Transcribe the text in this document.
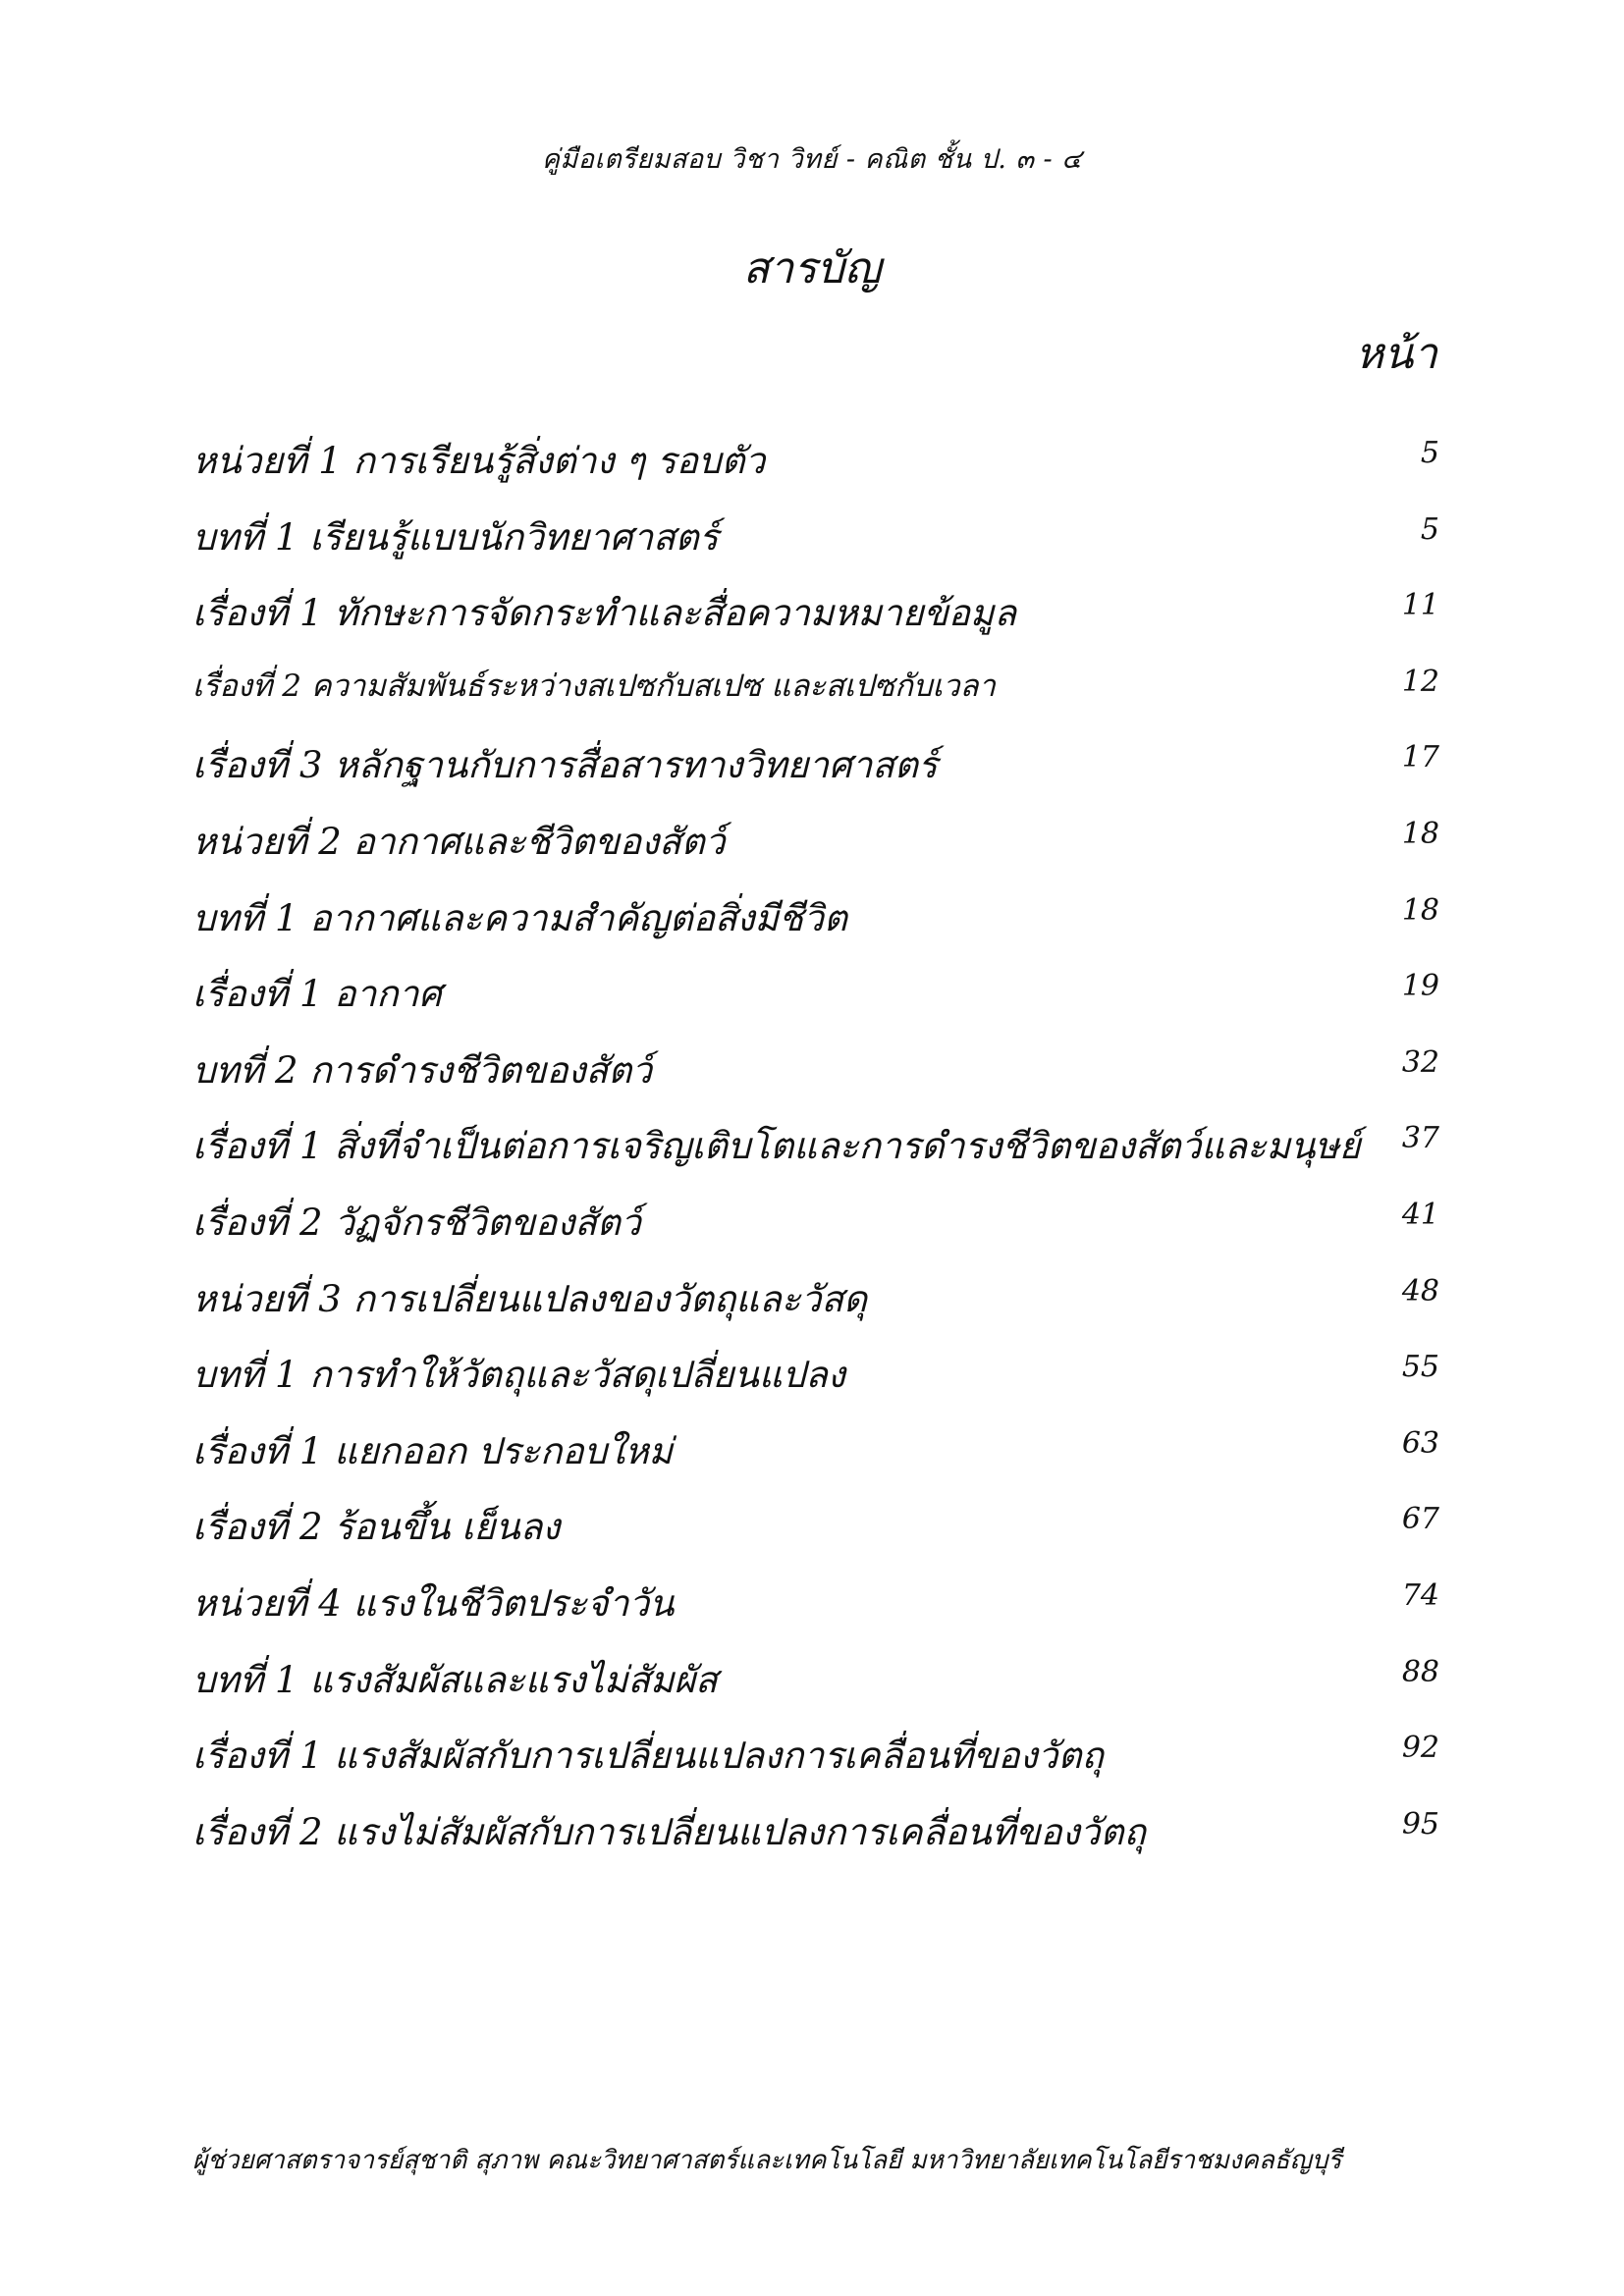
คู่มือเตรียมสอบ วิชา วิทย์ - คณิต ชั้น ป. ๓ - ๔
สารบัญ
หน้า
หน่วยที่ 1 การเรียนรู้สิ่งต่าง ๆ รอบตัว	5
บทที่ 1 เรียนรู้แบบนักวิทยาศาสตร์	5
เรื่องที่ 1 ทักษะการจัดกระทำและสื่อความหมายข้อมูล	11
เรื่องที่ 2 ความสัมพันธ์ระหว่างสเปซกับสเปซ และสเปซกับเวลา	12
เรื่องที่ 3 หลักฐานกับการสื่อสารทางวิทยาศาสตร์	17
หน่วยที่ 2 อากาศและชีวิตของสัตว์	18
บทที่ 1 อากาศและความสำคัญต่อสิ่งมีชีวิต	18
เรื่องที่ 1 อากาศ	19
บทที่ 2 การดำรงชีวิตของสัตว์	32
เรื่องที่ 1 สิ่งที่จำเป็นต่อการเจริญเติบโตและการดำรงชีวิตของสัตว์และมนุษย์	37
เรื่องที่ 2 วัฏจักรชีวิตของสัตว์	41
หน่วยที่ 3 การเปลี่ยนแปลงของวัตถุและวัสดุ	48
บทที่ 1 การทำให้วัตถุและวัสดุเปลี่ยนแปลง	55
เรื่องที่ 1 แยกออก ประกอบใหม่	63
เรื่องที่ 2 ร้อนขึ้น เย็นลง	67
หน่วยที่ 4 แรงในชีวิตประจำวัน	74
บทที่ 1 แรงสัมผัสและแรงไม่สัมผัส	88
เรื่องที่ 1 แรงสัมผัสกับการเปลี่ยนแปลงการเคลื่อนที่ของวัตถุ	92
เรื่องที่ 2 แรงไม่สัมผัสกับการเปลี่ยนแปลงการเคลื่อนที่ของวัตถุ	95
ผู้ช่วยศาสตราจารย์สุชาติ สุภาพ คณะวิทยาศาสตร์และเทคโนโลยี มหาวิทยาลัยเทคโนโลยีราชมงคลธัญบุรี
